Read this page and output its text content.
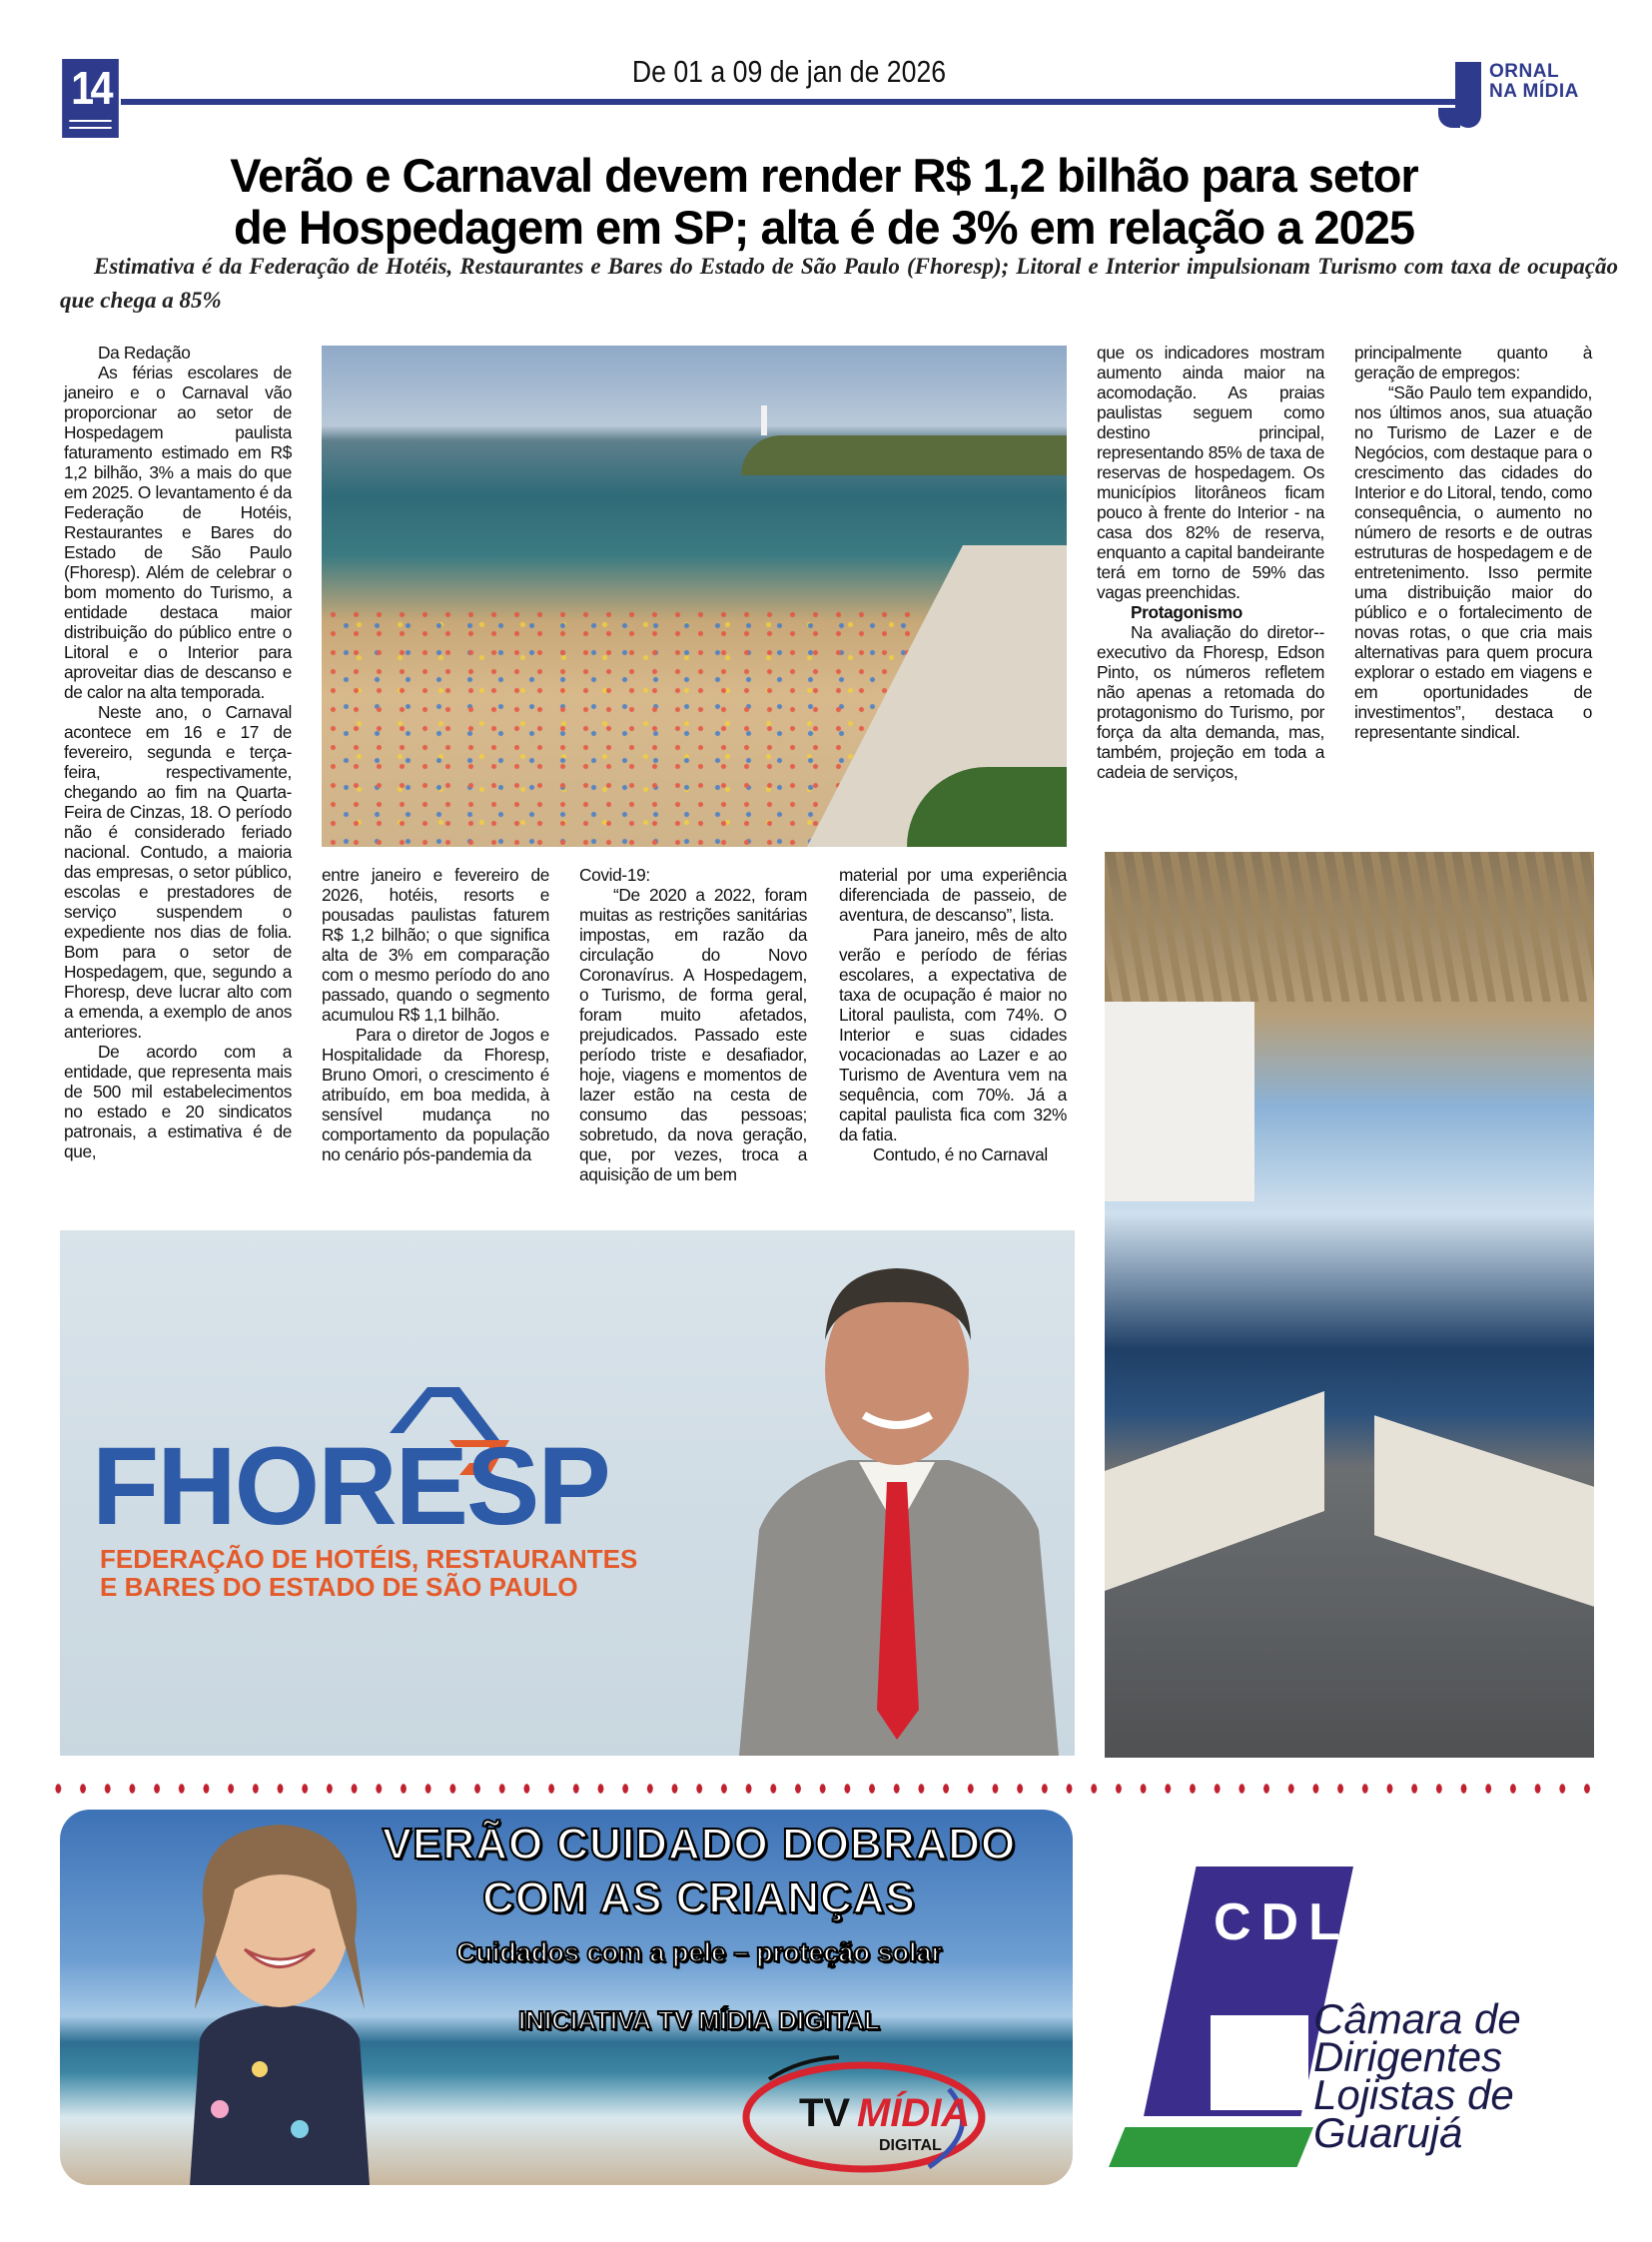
14	De 01 a 09 de jan de 2026	ORNAL
NA MÍDIA
Verão e Carnaval devem render R$ 1,2 bilhão para setor
de Hospedagem em SP; alta é de 3% em relação a 2025

Estimativa é da Federação de Hotéis, Restaurantes e Bares do Estado de São Paulo (Fhoresp); Litoral e Interior impulsionam Turismo com taxa de ocupação que chega a 85%

Da Redação

As férias escolares de janeiro e o Carnaval vão proporcionar ao setor de Hospedagem paulista faturamento estimado em R$ 1,2 bilhão, 3% a mais do que em 2025. O levantamento é da Federação de Hotéis, Restaurantes e Bares do Estado de São Paulo (Fhoresp). Além de celebrar o bom momento do Turismo, a entidade destaca maior distribuição do público entre o Litoral e o Interior para aproveitar dias de descanso e de calor na alta temporada.

Neste ano, o Carnaval acontece em 16 e 17 de fevereiro, segunda e terça-feira, respectivamente, chegando ao fim na Quarta-Feira de Cinzas, 18. O período não é considerado feriado nacional. Contudo, a maioria das empresas, o setor público, escolas e prestadores de serviço suspendem o expediente nos dias de folia. Bom para o setor de Hospedagem, que, segundo a Fhoresp, deve lucrar alto com a emenda, a exemplo de anos anteriores.

De acordo com a entidade, que representa mais de 500 mil estabelecimentos no estado e 20 sindicatos patronais, a estimativa é de que,

entre janeiro e fevereiro de 2026, hotéis, resorts e pousadas paulistas faturem R$ 1,2 bilhão; o que significa alta de 3% em comparação com o mesmo período do ano passado, quando o segmento acumulou R$ 1,1 bilhão.

Para o diretor de Jogos e Hospitalidade da Fhoresp, Bruno Omori, o crescimento é atribuído, em boa medida, à sensível mudança no comportamento da população no cenário pós-pandemia da

Covid-19:

“De 2020 a 2022, foram muitas as restrições sanitárias impostas, em razão da circulação do Novo Coronavírus. A Hospedagem, o Turismo, de forma geral, foram muito afetados, prejudicados. Passado este período triste e desafiador, hoje, viagens e momentos de lazer estão na cesta de consumo das pessoas; sobretudo, da nova geração, que, por vezes, troca a aquisição de um bem

material por uma experiência diferenciada de passeio, de aventura, de descanso”, lista.

Para janeiro, mês de alto verão e período de férias escolares, a expectativa de taxa de ocupação é maior no Litoral paulista, com 74%. O Interior e suas cidades vocacionadas ao Lazer e ao Turismo de Aventura vem na sequência, com 70%. Já a capital paulista fica com 32% da fatia.

Contudo, é no Carnaval

que os indicadores mostram aumento ainda maior na acomodação. As praias paulistas seguem como destino principal, representando 85% de taxa de reservas de hospedagem. Os municípios litorâneos ficam pouco à frente do Interior - na casa dos 82% de reserva, enquanto a capital bandeirante terá em torno de 59% das vagas preenchidas.

Protagonismo

Na avaliação do diretor--executivo da Fhoresp, Edson Pinto, os números refletem não apenas a retomada do protagonismo do Turismo, por força da alta demanda, mas, também, projeção em toda a cadeia de serviços,

principalmente quanto à geração de empregos:

“São Paulo tem expandido, nos últimos anos, sua atuação no Turismo de Lazer e de Negócios, com destaque para o crescimento das cidades do Interior e do Litoral, tendo, como consequência, o aumento no número de resorts e de outras estruturas de hospedagem e de entretenimento. Isso permite uma distribuição maior do público e o fortalecimento de novas rotas, o que cria mais alternativas para quem procura explorar o estado em viagens e em oportunidades de investimentos”, destaca o representante sindical.

FHORESP
FEDERAÇÃO DE HOTÉIS, RESTAURANTES
E BARES DO ESTADO DE SÃO PAULO
VERÃO CUIDADO DOBRADO
COM AS CRIANÇAS
Cuidados com a pele – proteção solar
INICIATIVA TV MÍDIA DIGITAL
TV MÍDIA
DIGITAL
CDL
Câmara de
Dirigentes
Lojistas de
Guarujá
